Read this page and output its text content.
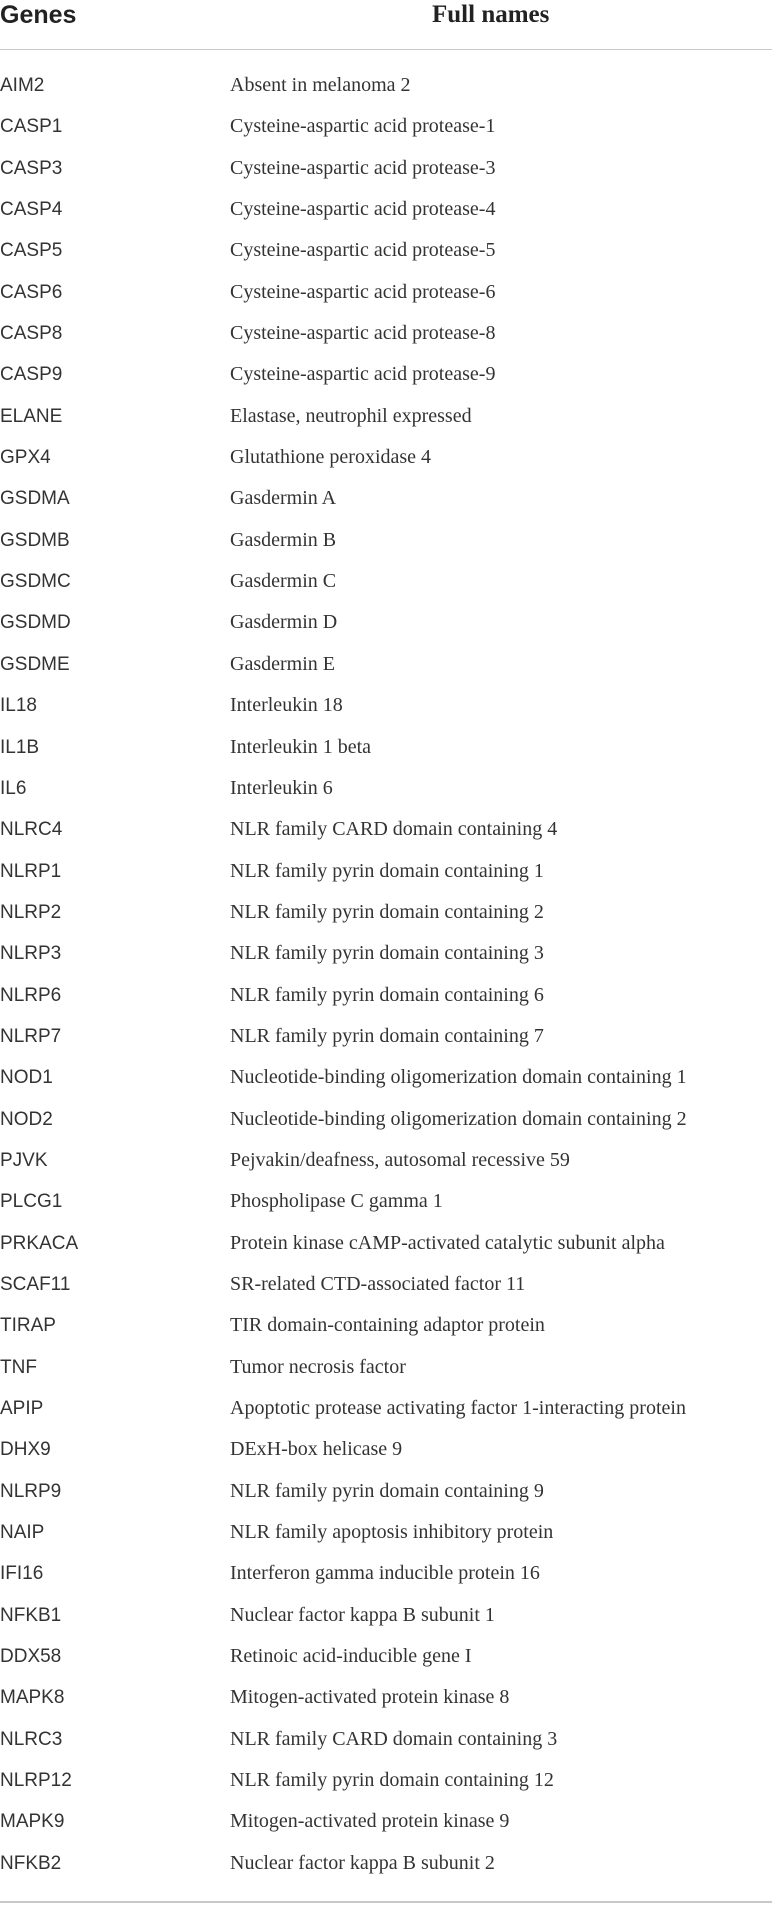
Genes	Full names
AIM2	Absent in melanoma 2
CASP1	Cysteine-aspartic acid protease-1
CASP3	Cysteine-aspartic acid protease-3
CASP4	Cysteine-aspartic acid protease-4
CASP5	Cysteine-aspartic acid protease-5
CASP6	Cysteine-aspartic acid protease-6
CASP8	Cysteine-aspartic acid protease-8
CASP9	Cysteine-aspartic acid protease-9
ELANE	Elastase, neutrophil expressed
GPX4	Glutathione peroxidase 4
GSDMA	Gasdermin A
GSDMB	Gasdermin B
GSDMC	Gasdermin C
GSDMD	Gasdermin D
GSDME	Gasdermin E
IL18	Interleukin 18
IL1B	Interleukin 1 beta
IL6	Interleukin 6
NLRC4	NLR family CARD domain containing 4
NLRP1	NLR family pyrin domain containing 1
NLRP2	NLR family pyrin domain containing 2
NLRP3	NLR family pyrin domain containing 3
NLRP6	NLR family pyrin domain containing 6
NLRP7	NLR family pyrin domain containing 7
NOD1	Nucleotide-binding oligomerization domain containing 1
NOD2	Nucleotide-binding oligomerization domain containing 2
PJVK	Pejvakin/deafness, autosomal recessive 59
PLCG1	Phospholipase C gamma 1
PRKACA	Protein kinase cAMP-activated catalytic subunit alpha
SCAF11	SR-related CTD-associated factor 11
TIRAP	TIR domain-containing adaptor protein
TNF	Tumor necrosis factor
APIP	Apoptotic protease activating factor 1-interacting protein
DHX9	DExH-box helicase 9
NLRP9	NLR family pyrin domain containing 9
NAIP	NLR family apoptosis inhibitory protein
IFI16	Interferon gamma inducible protein 16
NFKB1	Nuclear factor kappa B subunit 1
DDX58	Retinoic acid-inducible gene I
MAPK8	Mitogen-activated protein kinase 8
NLRC3	NLR family CARD domain containing 3
NLRP12	NLR family pyrin domain containing 12
MAPK9	Mitogen-activated protein kinase 9
NFKB2	Nuclear factor kappa B subunit 2
